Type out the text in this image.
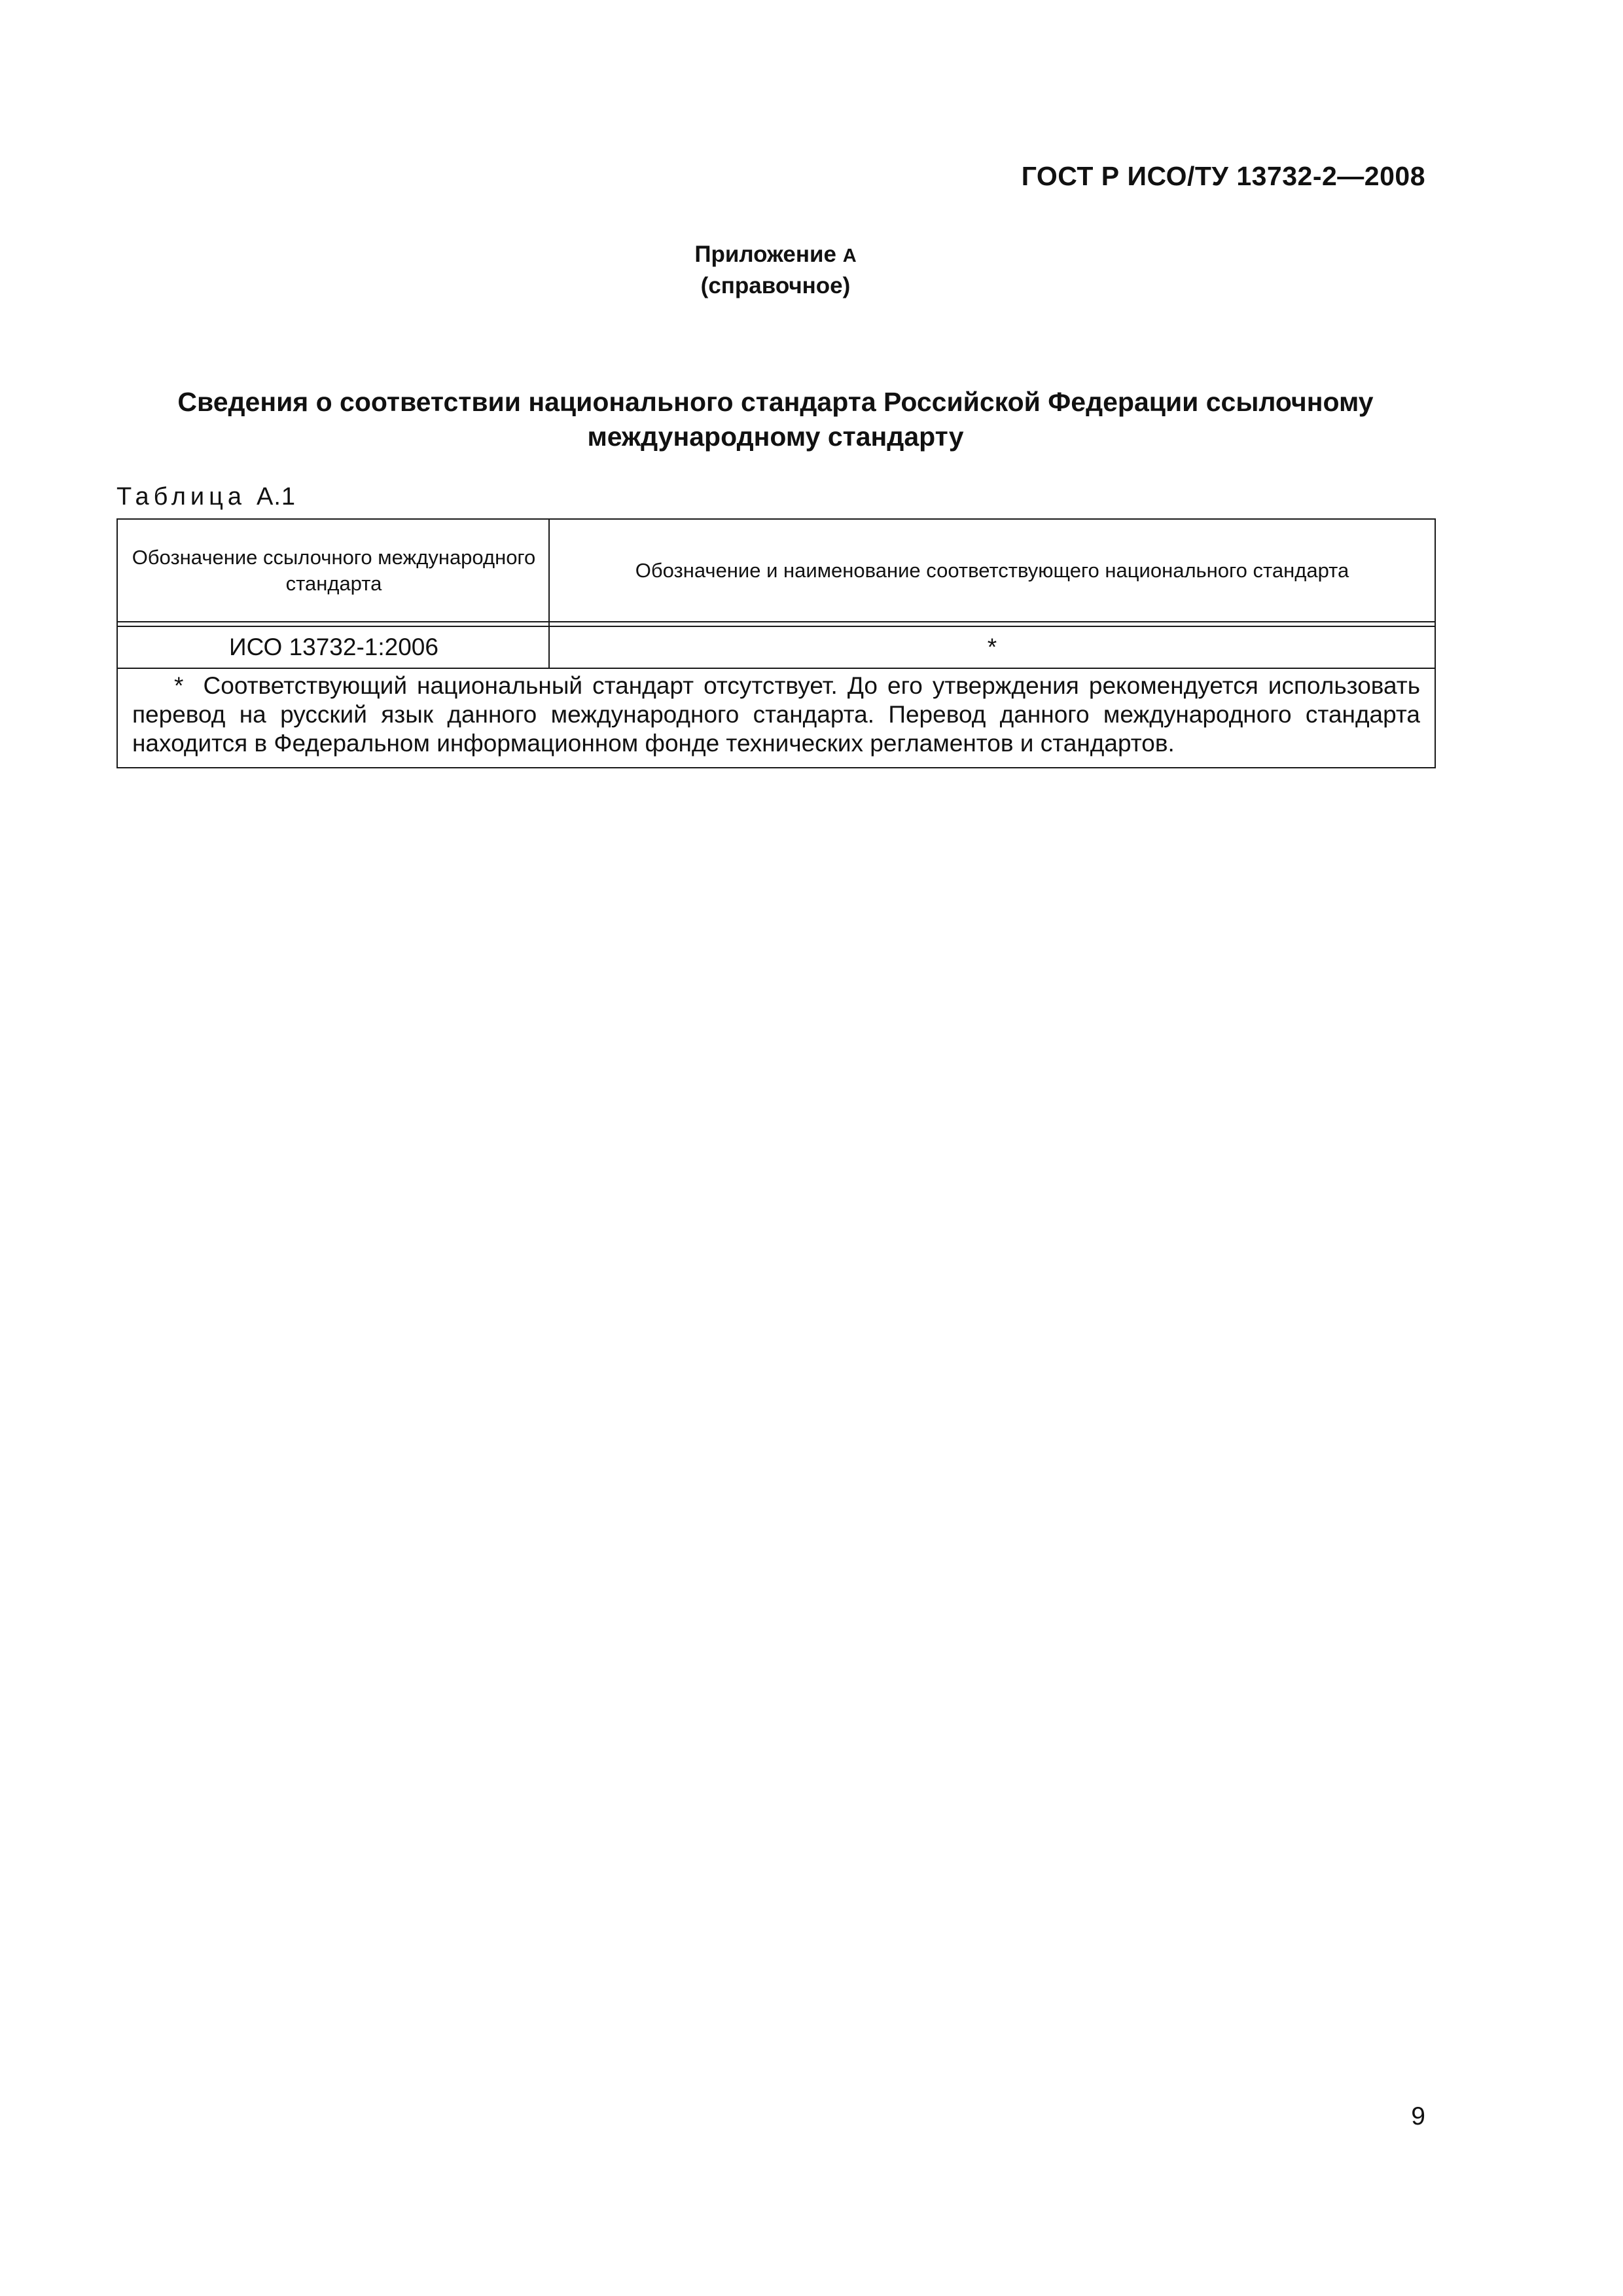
ГОСТ Р ИСО/ТУ 13732-2—2008
Приложение А
(справочное)
Сведения о соответствии национального стандарта Российской Федерации ссылочному
международному стандарту
Таблица А.1
Обозначение ссылочного международного стандарта
Обозначение и наименование соответствующего национального стандарта
ИСО 13732-1:2006	*
* Соответствующий национальный стандарт отсутствует. До его утверждения рекомендуется использовать перевод на русский язык данного международного стандарта. Перевод данного международного стандарта находится в Федеральном информационном фонде технических регламентов и стандартов.
9
